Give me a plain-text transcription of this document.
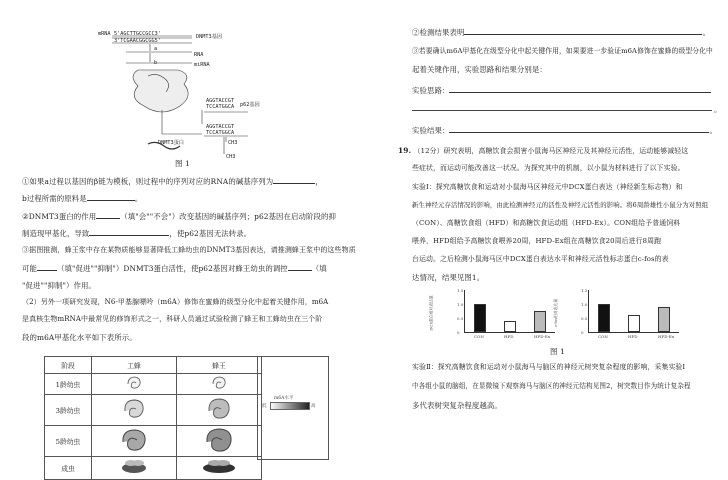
mRNA 5'AGCTTGCCGCC3'
3'TCGAACGGCGG5'
DNMT3基因
RNA
miRNA
b
a
DNMT3蛋白
AGGTACCGT
TCCATGGCA
AGGTACCGT
TCCATGGCA
p62基因
CH3
CH3
图 1
①如果a过程以基因的β链为模板，则过程中的序列对应的RNA的碱基序列为	，
b过程所需的原料是	。
②DNMT3蛋白的作用	（填"会""不会"）改变基因的碱基序列；p62基因在启动阶段的抑
制造现甲基化，导致	，使p62基因无法转录。
③据图推测，蜂王浆中存在某物质能够显著降低工蜂幼虫的DNMT3基因表达，请推测蜂王浆中的这些物质
可能	（填"促进""抑制"）DNMT3蛋白活性，使p62基因对蜂王幼虫的调控	（填
"促进""抑制"）作用。
（2）另外一项研究发现，N6-甲基腺嘌呤（m6A）修饰在蜜蜂的级型分化中起着关键作用，m6A
是真核生物mRNA中最常见的修饰形式之一，科研人员通过试验检测了蜂王和工蜂幼虫在三个阶
段的m6A甲基化水平如下表所示。
阶段	工蜂	蜂王
1龄幼虫		
3龄幼虫		
5龄幼虫		
成虫		
m6A水平
低	高
②检测结果表明	。
③若要确认m6A甲基化在级型分化中起关键作用，如果要进一步验证m6A修饰在蜜蜂的级型分化中
起着关键作用，实验思路和结果分别是：
实验思路：
。
实验结果：	。
19. （12分）研究表明，高糖饮食会损害小鼠海马区神经元及其神经元活性，运动能够减轻这
些症状，而运动可能改善这一状况。为探究其中的机制，以小鼠为材料进行了以下实验。
实验Ⅰ：探究高糖饮食和运动对小鼠海马区神经元中DCX蛋白表达（神经新生标志物）和
新生神经元存活情况的影响，由此检测神经元的活性及神经元活性的影响。将6周龄雄性小鼠分为对照组
（CON）、高糖饮食组（HFD）和高糖饮食运动组（HFD-Ex）。CON组给予普通饲料
喂养，HFD组给予高糖饮食喂养20周，HFD-Ex组在高糖饮食20周后进行8周跑
台运动。之后检测小鼠海马区中DCX蛋白表达水平和神经元活性标志蛋白c-fos的表
达情况，结果见图1。
DCX蛋白相对表达量
1.5
1.0
0.5
0
CON	HFD	HFD-Ex
c-fos相对表达量
1.5
1.0
0.5
0
CON	HFD	HFD-Ex
图 1
实验Ⅱ：探究高糖饮食和运动对小鼠海马与脑区的神经元树突复杂程度的影响，采集实验Ⅰ
中各组小鼠的脑组，在显微镜下观察海马与脑区的神经元结构见图2，树突数目作为统计复杂程
多代表树突复杂程度越高。
